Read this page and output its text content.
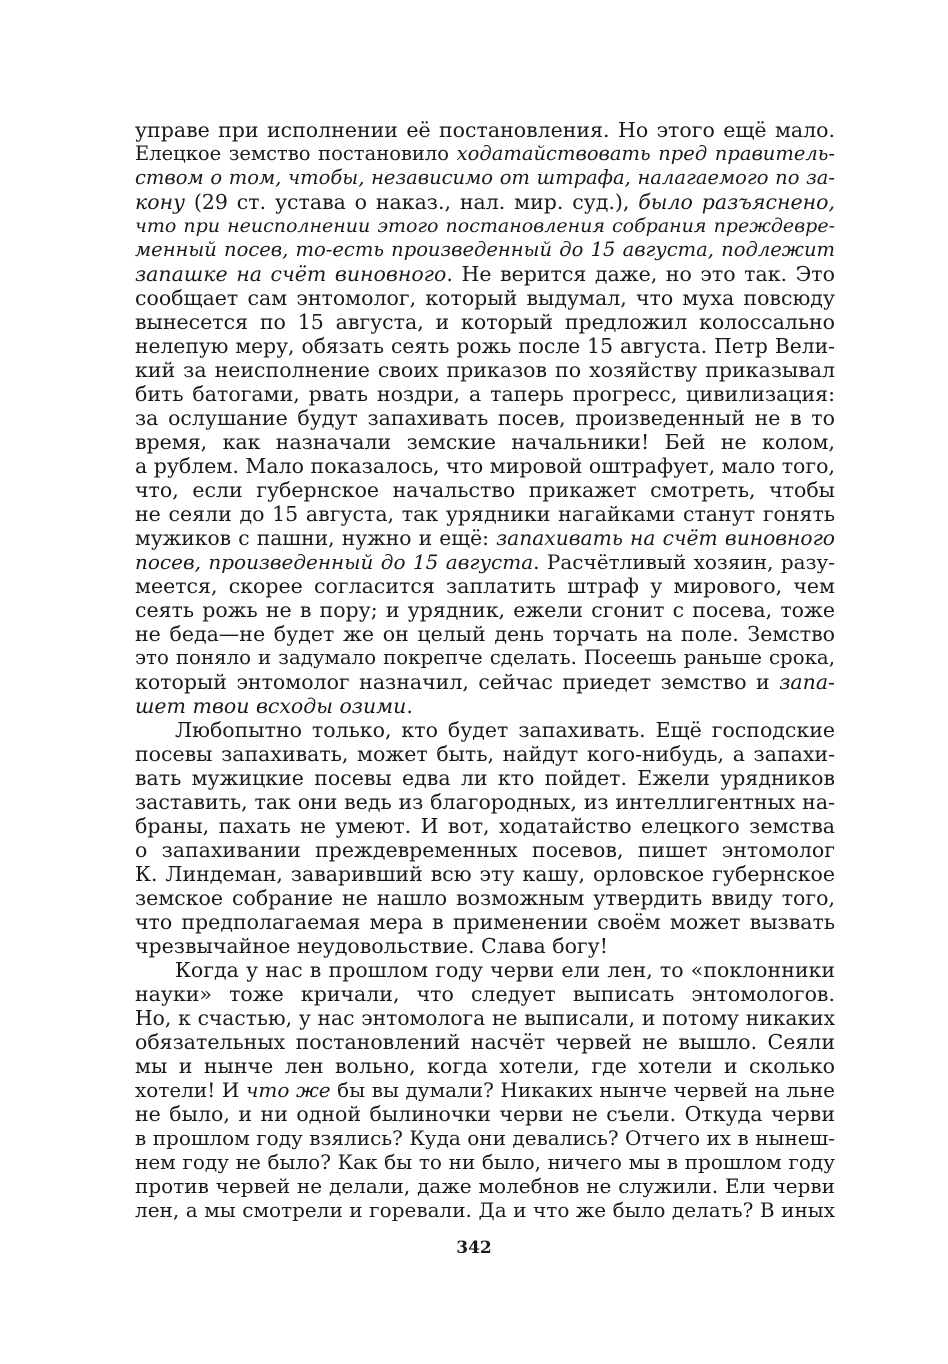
управе при исполнении её постановления. Но этого ещё мало.
Елецкое земство постановило ходатайствовать пред правитель-
ством о том, чтобы, независимо от штрафа, налагаемого по за-
кону (29 ст. устава о наказ., нал. мир. суд.), было разъяснено,
что при неисполнении этого постановления собрания преждевре-
менный посев, то-есть произведенный до 15 августа, подлежит
запашке на счёт виновного. Не верится даже, но это так. Это
сообщает сам энтомолог, который выдумал, что муха повсюду
вынесется по 15 августа, и который предложил колоссально
нелепую меру, обязать сеять рожь после 15 августа. Петр Вели-
кий за неисполнение своих приказов по хозяйству приказывал
бить батогами, рвать ноздри, а таперь прогресс, цивилизация:
за ослушание будут запахивать посев, произведенный не в то
время, как назначали земские начальники! Бей не колом,
а рублем. Мало показалось, что мировой оштрафует, мало того,
что, если губернское начальство прикажет смотреть, чтобы
не сеяли до 15 августа, так урядники нагайками станут гонять
мужиков с пашни, нужно и ещё: запахивать на счёт виновного
посев, произведенный до 15 августа. Расчётливый хозяин, разу-
меется, скорее согласится заплатить штраф у мирового, чем
сеять рожь не в пору; и урядник, ежели сгонит с посева, тоже
не беда—не будет же он целый день торчать на поле. Земство
это поняло и задумало покрепче сделать. Посеешь раньше срока,
который энтомолог назначил, сейчас приедет земство и запа-
шет твои всходы озими.
Любопытно только, кто будет запахивать. Ещё господские
посевы запахивать, может быть, найдут кого-нибудь, а запахи-
вать мужицкие посевы едва ли кто пойдет. Ежели урядников
заставить, так они ведь из благородных, из интеллигентных на-
браны, пахать не умеют. И вот, ходатайство елецкого земства
о запахивании преждевременных посевов, пишет энтомолог
К. Линдеман, заваривший всю эту кашу, орловское губернское
земское собрание не нашло возможным утвердить ввиду того,
что предполагаемая мера в применении своём может вызвать
чрезвычайное неудовольствие. Слава богу!
Когда у нас в прошлом году черви ели лен, то «поклонники
науки» тоже кричали, что следует выписать энтомологов.
Но, к счастью, у нас энтомолога не выписали, и потому никаких
обязательных постановлений насчёт червей не вышло. Сеяли
мы и нынче лен вольно, когда хотели, где хотели и сколько
хотели! И что же бы вы думали? Никаких нынче червей на льне
не было, и ни одной былиночки черви не съели. Откуда черви
в прошлом году взялись? Куда они девались? Отчего их в нынеш-
нем году не было? Как бы то ни было, ничего мы в прошлом году
против червей не делали, даже молебнов не служили. Ели черви
лен, а мы смотрели и горевали. Да и что же было делать? В иных
342
